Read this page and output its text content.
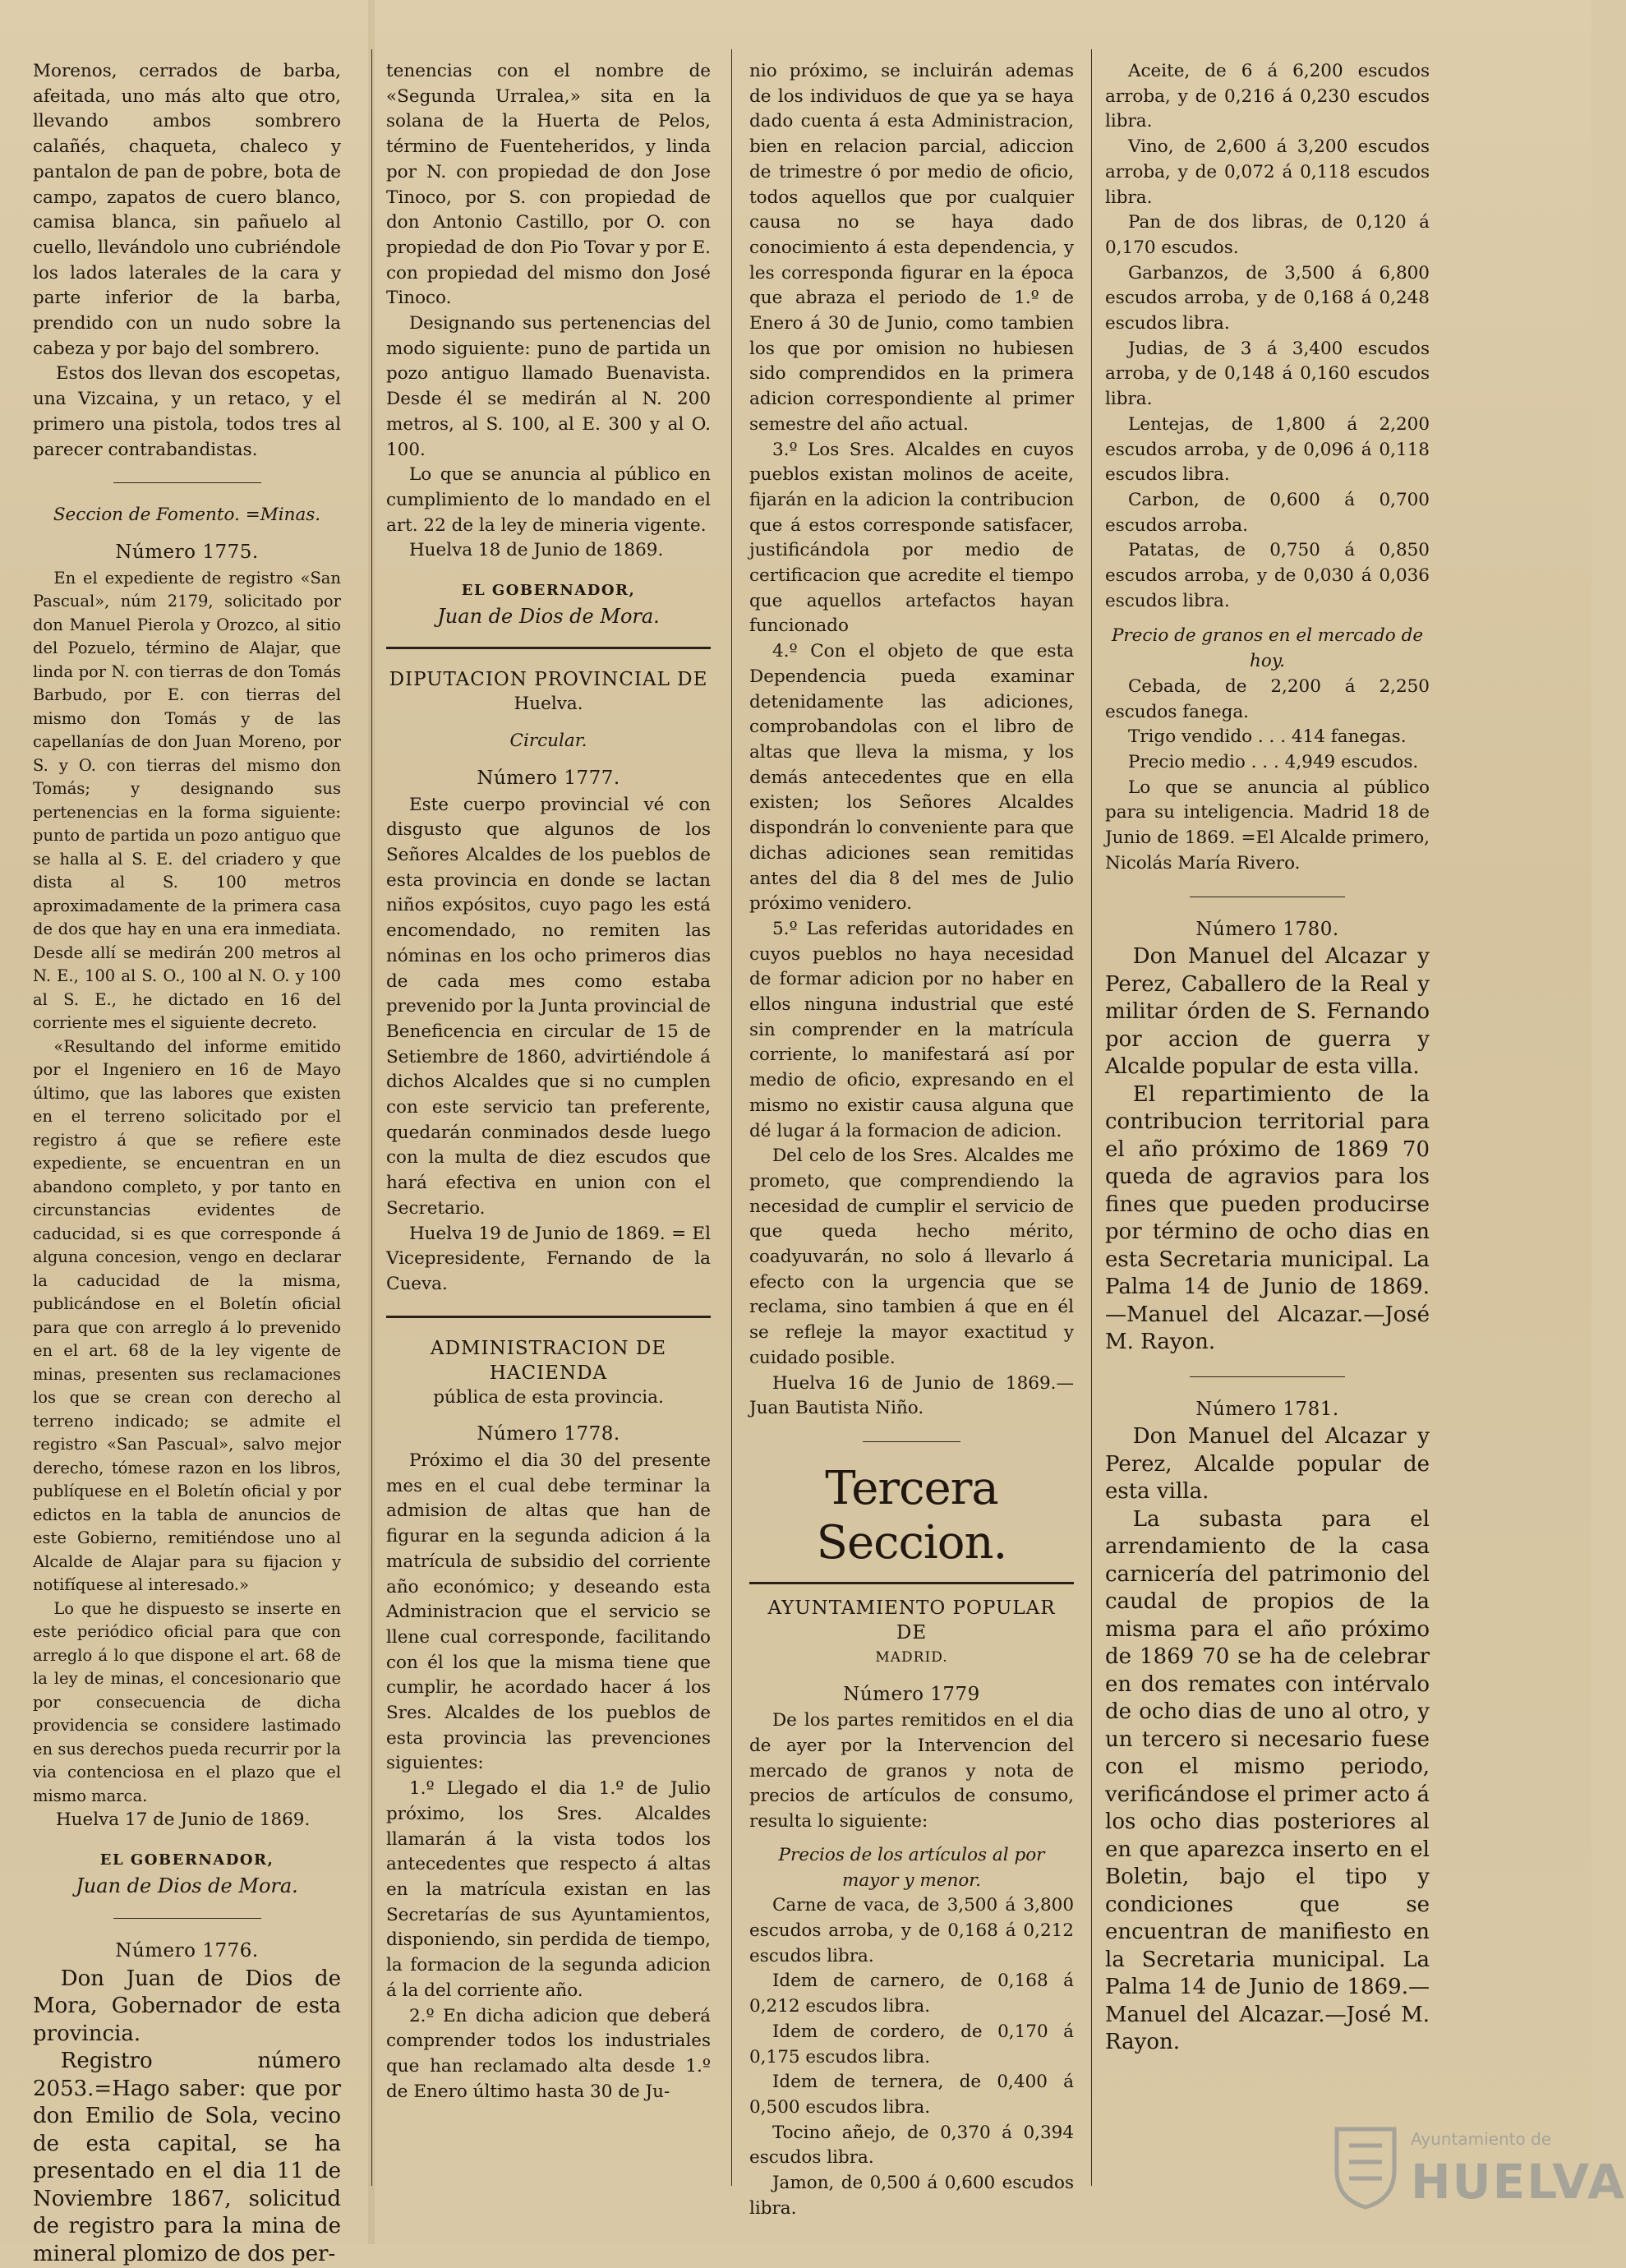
Morenos, cerrados de barba, afeitada, uno más alto que otro, llevando ambos sombrero calañés, chaqueta, chaleco y pantalon de pan de pobre, bota de campo, zapatos de cuero blanco, camisa blanca, sin pañuelo al cuello, llevándolo uno cubriéndole los lados laterales de la cara y parte inferior de la barba, prendido con un nudo sobre la cabeza y por bajo del sombrero.

Estos dos llevan dos escopetas, una Vizcaina, y un retaco, y el primero una pistola, todos tres al parecer contrabandistas.

Seccion de Fomento. =Minas.

Número 1775.

En el expediente de registro «San Pascual», núm 2179, solicitado por don Manuel Pierola y Orozco, al sitio del Pozuelo, término de Alajar, que linda por N. con tierras de don Tomás Barbudo, por E. con tierras del mismo don Tomás y de las capellanías de don Juan Moreno, por S. y O. con tierras del mismo don Tomás; y designando sus pertenencias en la forma siguiente: punto de partida un pozo antiguo que se halla al S. E. del criadero y que dista al S. 100 metros aproximadamente de la primera casa de dos que hay en una era inmediata. Desde allí se medirán 200 metros al N. E., 100 al S. O., 100 al N. O. y 100 al S. E., he dictado en 16 del corriente mes el siguiente decreto.

«Resultando del informe emitido por el Ingeniero en 16 de Mayo último, que las labores que existen en el terreno solicitado por el registro á que se refiere este expediente, se encuentran en un abandono completo, y por tanto en circunstancias evidentes de caducidad, si es que corresponde á alguna concesion, vengo en declarar la caducidad de la misma, publicándose en el Boletín oficial para que con arreglo á lo prevenido en el art. 68 de la ley vigente de minas, presenten sus reclamaciones los que se crean con derecho al terreno indicado; se admite el registro «San Pascual», salvo mejor derecho, tómese razon en los libros, publíquese en el Boletín oficial y por edictos en la tabla de anuncios de este Gobierno, remitiéndose uno al Alcalde de Alajar para su fijacion y notifíquese al interesado.»

Lo que he dispuesto se inserte en este periódico oficial para que con arreglo á lo que dispone el art. 68 de la ley de minas, el concesionario que por consecuencia de dicha providencia se considere lastimado en sus derechos pueda recurrir por la via contenciosa en el plazo que el mismo marca.

Huelva 17 de Junio de 1869.

EL GOBERNADOR,

Juan de Dios de Mora.

Número 1776.

Don Juan de Dios de Mora, Gobernador de esta provincia.

Registro número 2053.=Hago saber: que por don Emilio de Sola, vecino de esta capital, se ha presentado en el dia 11 de Noviembre 1867, solicitud de registro para la mina de mineral plomizo de dos per-

tenencias con el nombre de «Segunda Urralea,» sita en la solana de la Huerta de Pelos, término de Fuenteheridos, y linda por N. con propiedad de don Jose Tinoco, por S. con propiedad de don Antonio Castillo, por O. con propiedad de don Pio Tovar y por E. con propiedad del mismo don José Tinoco.

Designando sus pertenencias del modo siguiente: puno de partida un pozo antiguo llamado Buenavista. Desde él se medirán al N. 200 metros, al S. 100, al E. 300 y al O. 100.

Lo que se anuncia al público en cumplimiento de lo mandado en el art. 22 de la ley de mineria vigente.

Huelva 18 de Junio de 1869.

EL GOBERNADOR,

Juan de Dios de Mora.

DIPUTACION PROVINCIAL DE

Huelva.

Circular.

Número 1777.

Este cuerpo provincial vé con disgusto que algunos de los Señores Alcaldes de los pueblos de esta provincia en donde se lactan niños expósitos, cuyo pago les está encomendado, no remiten las nóminas en los ocho primeros dias de cada mes como estaba prevenido por la Junta provincial de Beneficencia en circular de 15 de Setiembre de 1860, advirtiéndole á dichos Alcaldes que si no cumplen con este servicio tan preferente, quedarán conminados desde luego con la multa de diez escudos que hará efectiva en union con el Secretario.

Huelva 19 de Junio de 1869. = El Vicepresidente, Fernando de la Cueva.

ADMINISTRACION DE HACIENDA

pública de esta provincia.

Número 1778.

Próximo el dia 30 del presente mes en el cual debe terminar la admision de altas que han de figurar en la segunda adicion á la matrícula de subsidio del corriente año económico; y deseando esta Administracion que el servicio se llene cual corresponde, facilitando con él los que la misma tiene que cumplir, he acordado hacer á los Sres. Alcaldes de los pueblos de esta provincia las prevenciones siguientes:

1.º Llegado el dia 1.º de Julio próximo, los Sres. Alcaldes llamarán á la vista todos los antecedentes que respecto á altas en la matrícula existan en las Secretarías de sus Ayuntamientos, disponiendo, sin perdida de tiempo, la formacion de la segunda adicion á la del corriente año.

2.º En dicha adicion que deberá comprender todos los industriales que han reclamado alta desde 1.º de Enero último hasta 30 de Ju-

nio próximo, se incluirán ademas de los individuos de que ya se haya dado cuenta á esta Administracion, bien en relacion parcial, adiccion de trimestre ó por medio de oficio, todos aquellos que por cualquier causa no se haya dado conocimiento á esta dependencia, y les corresponda figurar en la época que abraza el periodo de 1.º de Enero á 30 de Junio, como tambien los que por omision no hubiesen sido comprendidos en la primera adicion correspondiente al primer semestre del año actual.

3.º Los Sres. Alcaldes en cuyos pueblos existan molinos de aceite, fijarán en la adicion la contribucion que á estos corresponde satisfacer, justificándola por medio de certificacion que acredite el tiempo que aquellos artefactos hayan funcionado

4.º Con el objeto de que esta Dependencia pueda examinar detenidamente las adiciones, comprobandolas con el libro de altas que lleva la misma, y los demás antecedentes que en ella existen; los Señores Alcaldes dispondrán lo conveniente para que dichas adiciones sean remitidas antes del dia 8 del mes de Julio próximo venidero.

5.º Las referidas autoridades en cuyos pueblos no haya necesidad de formar adicion por no haber en ellos ninguna industrial que esté sin comprender en la matrícula corriente, lo manifestará así por medio de oficio, expresando en el mismo no existir causa alguna que dé lugar á la formacion de adicion.

Del celo de los Sres. Alcaldes me prometo, que comprendiendo la necesidad de cumplir el servicio de que queda hecho mérito, coadyuvarán, no solo á llevarlo á efecto con la urgencia que se reclama, sino tambien á que en él se refleje la mayor exactitud y cuidado posible.

Huelva 16 de Junio de 1869.—Juan Bautista Niño.

Tercera Seccion.

AYUNTAMIENTO POPULAR DE

MADRID.

Número 1779

De los partes remitidos en el dia de ayer por la Intervencion del mercado de granos y nota de precios de artículos de consumo, resulta lo siguiente:

Precios de los artículos al por mayor y menor.

Carne de vaca, de 3,500 á 3,800 escudos arroba, y de 0,168 á 0,212 escudos libra.

Idem de carnero, de 0,168 á 0,212 escudos libra.

Idem de cordero, de 0,170 á 0,175 escudos libra.

Idem de ternera, de 0,400 á 0,500 escudos libra.

Tocino añejo, de 0,370 á 0,394 escudos libra.

Jamon, de 0,500 á 0,600 escudos libra.

Aceite, de 6 á 6,200 escudos arroba, y de 0,216 á 0,230 escudos libra.

Vino, de 2,600 á 3,200 escudos arroba, y de 0,072 á 0,118 escudos libra.

Pan de dos libras, de 0,120 á 0,170 escudos.

Garbanzos, de 3,500 á 6,800 escudos arroba, y de 0,168 á 0,248 escudos libra.

Judias, de 3 á 3,400 escudos arroba, y de 0,148 á 0,160 escudos libra.

Lentejas, de 1,800 á 2,200 escudos arroba, y de 0,096 á 0,118 escudos libra.

Carbon, de 0,600 á 0,700 escudos arroba.

Patatas, de 0,750 á 0,850 escudos arroba, y de 0,030 á 0,036 escudos libra.

Precio de granos en el mercado de hoy.

Cebada, de 2,200 á 2,250 escudos fanega.

Trigo vendido . . . 414 fanegas.

Precio medio . . . 4,949 escudos.

Lo que se anuncia al público para su inteligencia. Madrid 18 de Junio de 1869. =El Alcalde primero, Nicolás María Rivero.

Número 1780.

Don Manuel del Alcazar y Perez, Caballero de la Real y militar órden de S. Fernando por accion de guerra y Alcalde popular de esta villa.

El repartimiento de la contribucion territorial para el año próximo de 1869 70 queda de agravios para los fines que pueden producirse por término de ocho dias en esta Secretaria municipal. La Palma 14 de Junio de 1869. —Manuel del Alcazar.—José M. Rayon.

Número 1781.

Don Manuel del Alcazar y Perez, Alcalde popular de esta villa.

La subasta para el arrendamiento de la casa carnicería del patrimonio del caudal de propios de la misma para el año próximo de 1869 70 se ha de celebrar en dos remates con intérvalo de ocho dias de uno al otro, y un tercero si necesario fuese con el mismo periodo, verificándose el primer acto á los ocho dias posteriores al en que aparezca inserto en el Boletin, bajo el tipo y condiciones que se encuentran de manifiesto en la Secretaria municipal. La Palma 14 de Junio de 1869.—Manuel del Alcazar.—José M. Rayon.

Ayuntamiento de
HUELVA
